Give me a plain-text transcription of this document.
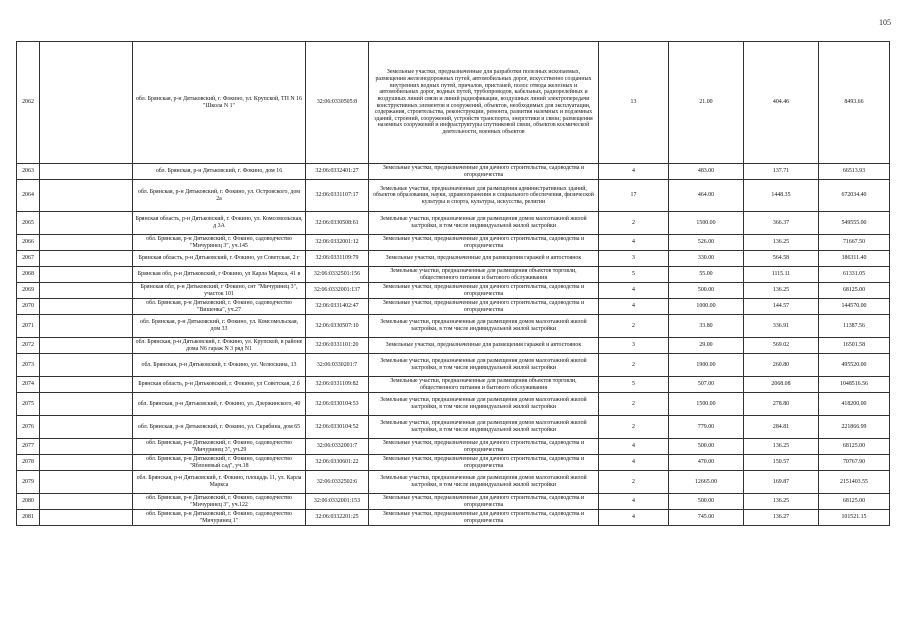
105
2062		обл. Брянская, р-н Дятьковский, г. Фокино, ул. Крупской, ТП N 16 "Школа N 1"	32:06:0330505:8	Земельные участки, предназначенные для разработки полезных ископаемых, размещения железнодорожных путей, автомобильных дорог, искусственно созданных внутренних водных путей, причалов, пристаней, полос отвода железных и автомобильных дорог, водных путей, трубопроводов, кабельных, радиорелейных и воздушных линий связи и линий радиофикации, воздушных линий электропередачи конструктивных элементов и сооружений, объектов, необходимых для эксплуатации, содержания, строительства, реконструкции, ремонта, развития наземных и подземных зданий, строений, сооружений, устройств транспорта, энергетики и связи; размещения наземных сооружений и инфраструктуры спутниковой связи, объектов космической деятельности, военных объектов	13	21.00	404.46	8493.66
2063		обл. Брянская, р-н Дятьковский, г. Фокино, дом 16	32:06:0332401:27	Земельные участки, предназначенные для дачного строительства, садоводства и огородничества	4	483.00	137.71	66513.93
2064		обл. Брянская, р-н Дятьковский, г. Фокино, ул. Островского, дом 2а	32:06:0331107:17	Земельные участки, предназначенные для размещения административных зданий, объектов образования, науки, здравоохранения и социального обеспечения, физической культуры и спорта, культуры, искусства, религии	17	464.00	1448.35	672034.40
2065		Брянская область, р-н Дятьковский, г. Фокино, ул. Комсомольская, д 3А	32:06:0330508:61	Земельные участки, предназначенные для размещения домов малоэтажной жилой застройки, в том числе индивидуальной жилой застройки	2	1500.00	366.37	549555.00
2066		обл. Брянская, р-н Дятьковский, г. Фокино, садоводчество "Мичуринец 3", уч.145	32:06:0332001:12	Земельные участки, предназначенные для дачного строительства, садоводства и огородничества	4	526.00	136.25	71667.50
2067		Брянская область, р-н Дятьковский, г. Фокино, ул Советская, 2 г	32:06:0331109:79	Земельные участки, предназначенные для размещения гаражей и автостоянок	3	330.00	564.58	186311.40
2068		Брянская обл, р-н Дятьковский, г Фокино, ул Карла Маркса, 41 в	32:06:0332501:156	Земельные участки, предназначенные для размещения объектов торговли, общественного питания и бытового обслуживания	5	55.00	1115.11	61331.05
2069		Брянская обл, р-н Дятьковский, г Фокино, снт "Мичуринец 3", участок 101	32:06:0332001:137	Земельные участки, предназначенные для дачного строительства, садоводства и огородничества	4	500.00	136.25	68125.00
2070		обл. Брянская, р-н Дятьковский, г. Фокино, садоводчество "Вишенка", уч.27	32:06:0331402:47	Земельные участки, предназначенные для дачного строительства, садоводства и огородничества	4	1000.00	144.57	144570.00
2071		обл. Брянская, р-н Дятьковский, г. Фокино, ул. Комсомольская, дом 33	32:06:0330507:10	Земельные участки, предназначенные для размещения домов малоэтажной жилой застройки, в том числе индивидуальной жилой застройки	2	33.80	336.91	11387.56
2072		обл. Брянская, р-н Дятьковский, г. Фокино, ул. Крупской, в районе дома N6 гараж N 3 ряд N1	32:06:0331101:20	Земельные участки, предназначенные для размещения гаражей и автостоянок	3	29.00	569.02	16501.58
2073		обл. Брянская, р-н Дятьковский, г. Фокино, ул. Челюскина, 13	32:06:0330201:7	Земельные участки, предназначенные для размещения домов малоэтажной жилой застройки, в том числе индивидуальной жилой застройки	2	1900.00	260.80	495520.00
2074		Брянская область, р-н Дятьковский, г. Фокино, ул Советская, 2 б	32:06:0331109:82	Земельные участки, предназначенные для размещения объектов торговли, общественного питания и бытового обслуживания	5	507.00	2068.08	1048516.56
2075		обл. Брянская, р-н Дятьковский, г. Фокино, ул. Дзержинского, 40	32:06:0330104:53	Земельные участки, предназначенные для размещения домов малоэтажной жилой застройки, в том числе индивидуальной жилой застройки	2	1500.00	278.80	418200.00
2076		обл. Брянская, р-н Дятьковский, г. Фокино, ул. Скрябина, дом 65	32:06:0330104:52	Земельные участки, предназначенные для размещения домов малоэтажной жилой застройки, в том числе индивидуальной жилой застройки	2	779.00	284.81	221866.99
2077		обл. Брянская, р-н Дятьковский, г. Фокино, садоводчество "Мичуринец 3", уч.29	32:06:0332001:7	Земельные участки, предназначенные для дачного строительства, садоводства и огородничества	4	500.00	136.25	68125.00
2078		обл. Брянская, р-н Дятьковский, г. Фокино, садоводчество "Яблоневый сад", уч.18	32:06:0330601:22	Земельные участки, предназначенные для дачного строительства, садоводства и огородничества	4	470.00	150.57	70767.90
2079		обл. Брянская, р-н Дятьковский, г. Фокино, площадь 11, ул. Карла Маркса	32:06:0332502:6	Земельные участки, предназначенные для размещения домов малоэтажной жилой застройки, в том числе индивидуальной жилой застройки	2	12665.00	169.87	2151403.55
2080		обл. Брянская, р-н Дятьковский, г. Фокино, садоводчество "Мичуринец 3", уч.122	32:06:0332001:153	Земельные участки, предназначенные для дачного строительства, садоводства и огородничества	4	500.00	136.25	68125.00
2081		обл. Брянская, р-н Дятьковский, г. Фокино, садоводчество "Мичуринец 1"	32:06:0332201:25	Земельные участки, предназначенные для дачного строительства, садоводства и огородничества	4	745.00	136.27	101521.15
